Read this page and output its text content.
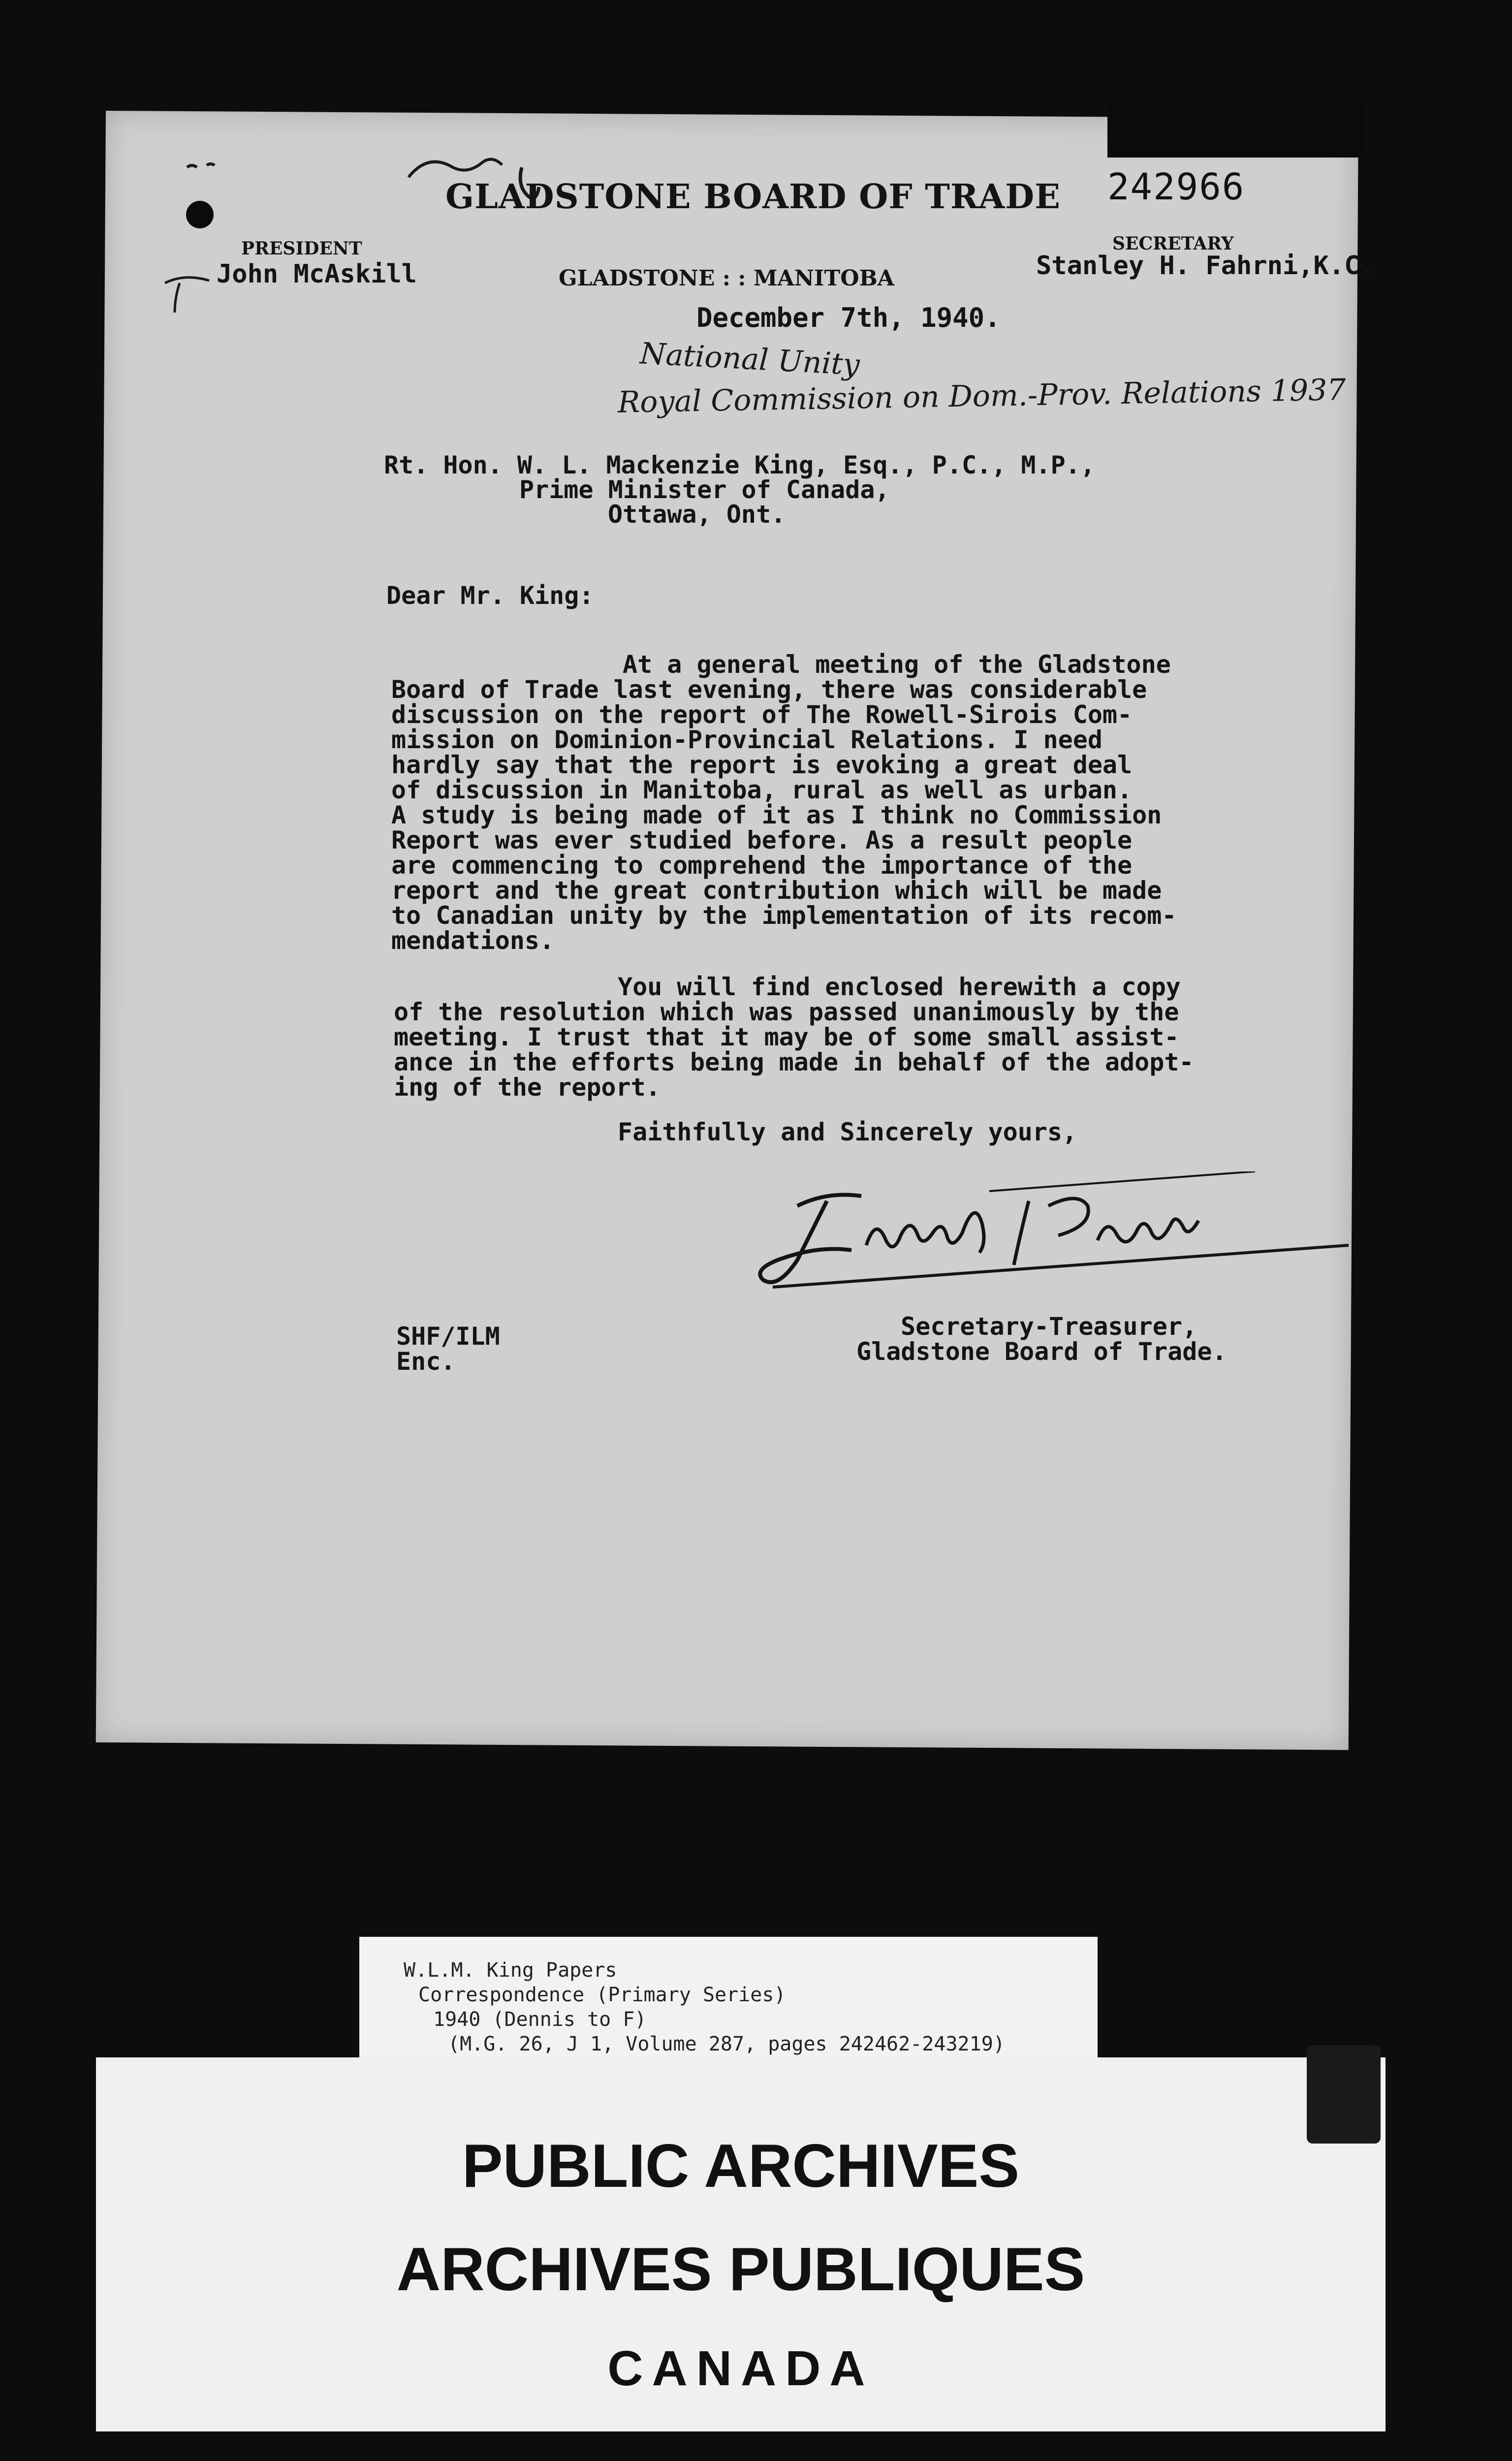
242966
GLADSTONE BOARD OF TRADE
PRESIDENT
John McAskill	GLADSTONE : : MANITOBA
SECRETARY
Stanley H. Fahrni,K.C.
December 7th, 1940.
National Unity
Royal Commission on Dom.-Prov. Relations 1937
Rt. Hon. W. L. Mackenzie King, Esq., P.C., M.P.,
Prime Minister of Canada,
Ottawa, Ont.
Dear Mr. King:
At a general meeting of the Gladstone
Board of Trade last evening, there was considerable
discussion on the report of The Rowell-Sirois Com-
mission on Dominion-Provincial Relations. I need
hardly say that the report is evoking a great deal
of discussion in Manitoba, rural as well as urban.
A study is being made of it as I think no Commission
Report was ever studied before. As a result people
are commencing to comprehend the importance of the
report and the great contribution which will be made
to Canadian unity by the implementation of its recom-
mendations.
You will find enclosed herewith a copy
of the resolution which was passed unanimously by the
meeting. I trust that it may be of some small assist-
ance in the efforts being made in behalf of the adopt-
ing of the report.
Faithfully and Sincerely yours,
Stanley H. Fahrni
Secretary-Treasurer,
Gladstone Board of Trade.
SHF/ILM
Enc.
W.L.M. King Papers
Correspondence (Primary Series)
1940 (Dennis to F)
(M.G. 26, J 1, Volume 287, pages 242462-243219)
PUBLIC ARCHIVES
ARCHIVES PUBLIQUES
CANADA
